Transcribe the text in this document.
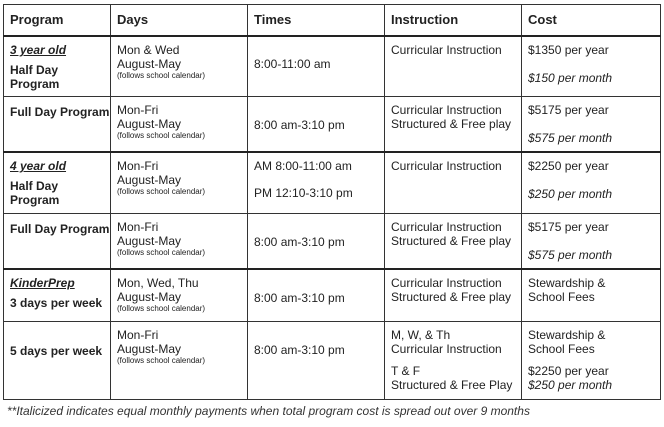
Program	Days	Times	Instruction	Cost

3 year old
Half Day Program	Mon & Wed
August-May
(follows school calendar)	8:00-11:00 am	Curricular Instruction	$1350 per year
$150 per month

Full Day Program	Mon-Fri
August-May
(follows school calendar)	8:00 am-3:10 pm	Curricular Instruction
Structured & Free play	$5175 per year
$575 per month

4 year old
Half Day Program	Mon-Fri
August-May
(follows school calendar)	AM 8:00-11:00 am
PM 12:10-3:10 pm	Curricular Instruction	$2250 per year
$250 per month

Full Day Program	Mon-Fri
August-May
(follows school calendar)	8:00 am-3:10 pm	Curricular Instruction
Structured & Free play	$5175 per year
$575 per month

KinderPrep
3 days per week	Mon, Wed, Thu
August-May
(follows school calendar)	8:00 am-3:10 pm	Curricular Instruction
Structured & Free play	Stewardship &
School Fees

5 days per week	Mon-Fri
August-May
(follows school calendar)	8:00 am-3:10 pm	M, W, & Th
Curricular Instruction
T & F
Structured & Free Play	Stewardship &
School Fees
$2250 per year
$250 per month
**Italicized indicates equal monthly payments when total program cost is spread out over 9 months
